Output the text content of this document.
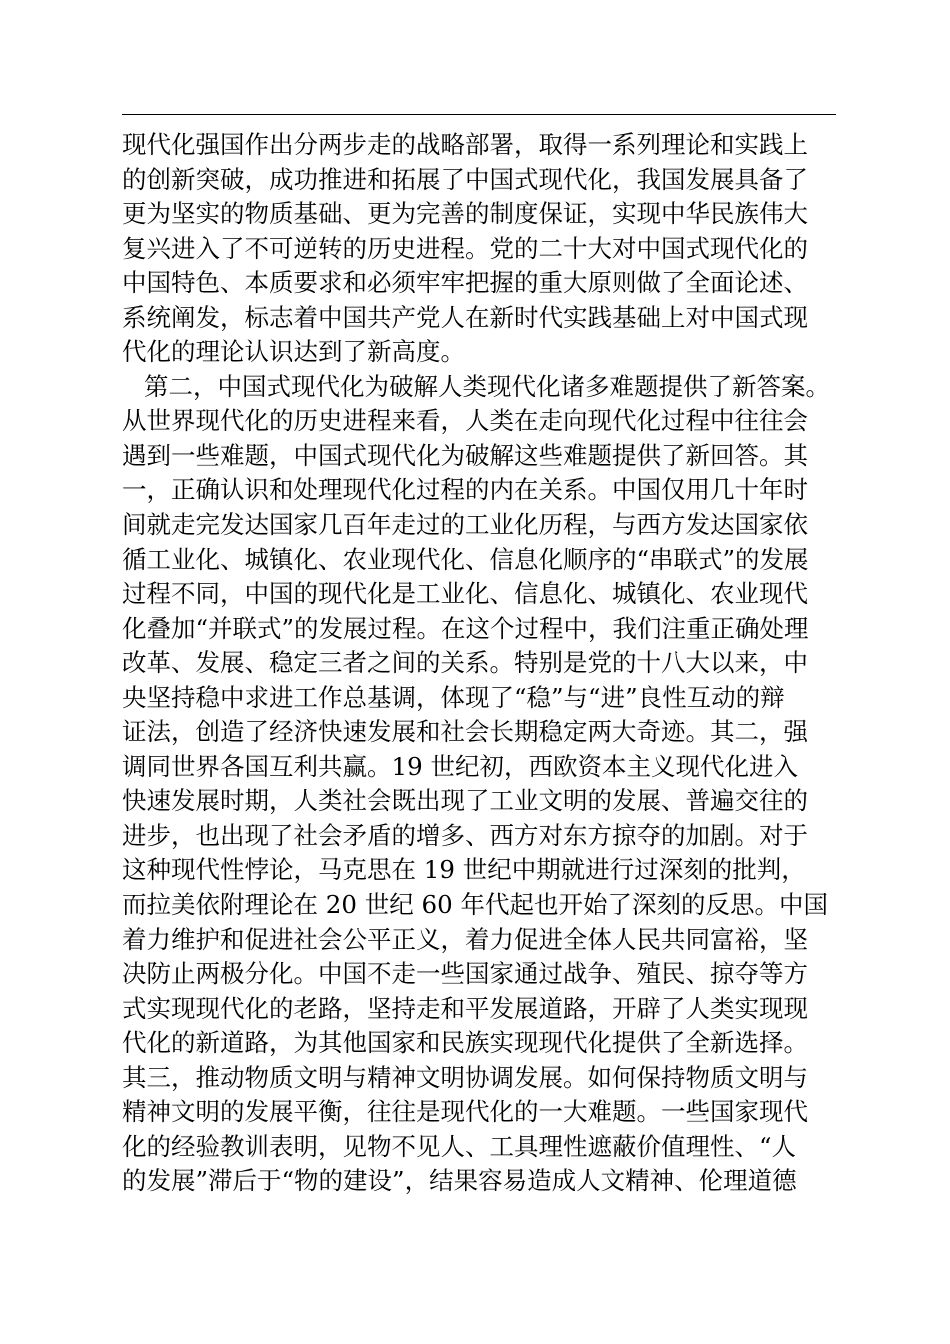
现代化强国作出分两步走的战略部署，取得一系列理论和实践上
的创新突破，成功推进和拓展了中国式现代化，我国发展具备了
更为坚实的物质基础、更为完善的制度保证，实现中华民族伟大
复兴进入了不可逆转的历史进程。党的二十大对中国式现代化的
中国特色、本质要求和必须牢牢把握的重大原则做了全面论述、
系统阐发，标志着中国共产党人在新时代实践基础上对中国式现
代化的理论认识达到了新高度。
第二，中国式现代化为破解人类现代化诸多难题提供了新答案。
从世界现代化的历史进程来看，人类在走向现代化过程中往往会
遇到一些难题，中国式现代化为破解这些难题提供了新回答。其
一，正确认识和处理现代化过程的内在关系。中国仅用几十年时
间就走完发达国家几百年走过的工业化历程，与西方发达国家依
循工业化、城镇化、农业现代化、信息化顺序的“串联式”的发展
过程不同，中国的现代化是工业化、信息化、城镇化、农业现代
化叠加“并联式”的发展过程。在这个过程中，我们注重正确处理
改革、发展、稳定三者之间的关系。特别是党的十八大以来，中
央坚持稳中求进工作总基调，体现了“稳”与“进”良性互动的辩
证法，创造了经济快速发展和社会长期稳定两大奇迹。其二，强
调同世界各国互利共赢。19 世纪初，西欧资本主义现代化进入
快速发展时期，人类社会既出现了工业文明的发展、普遍交往的
进步，也出现了社会矛盾的增多、西方对东方掠夺的加剧。对于
这种现代性悖论，马克思在 19 世纪中期就进行过深刻的批判，
而拉美依附理论在 20 世纪 60 年代起也开始了深刻的反思。中国
着力维护和促进社会公平正义，着力促进全体人民共同富裕，坚
决防止两极分化。中国不走一些国家通过战争、殖民、掠夺等方
式实现现代化的老路，坚持走和平发展道路，开辟了人类实现现
代化的新道路，为其他国家和民族实现现代化提供了全新选择。
其三，推动物质文明与精神文明协调发展。如何保持物质文明与
精神文明的发展平衡，往往是现代化的一大难题。一些国家现代
化的经验教训表明，见物不见人、工具理性遮蔽价值理性、“人
的发展”滞后于“物的建设”，结果容易造成人文精神、伦理道德
